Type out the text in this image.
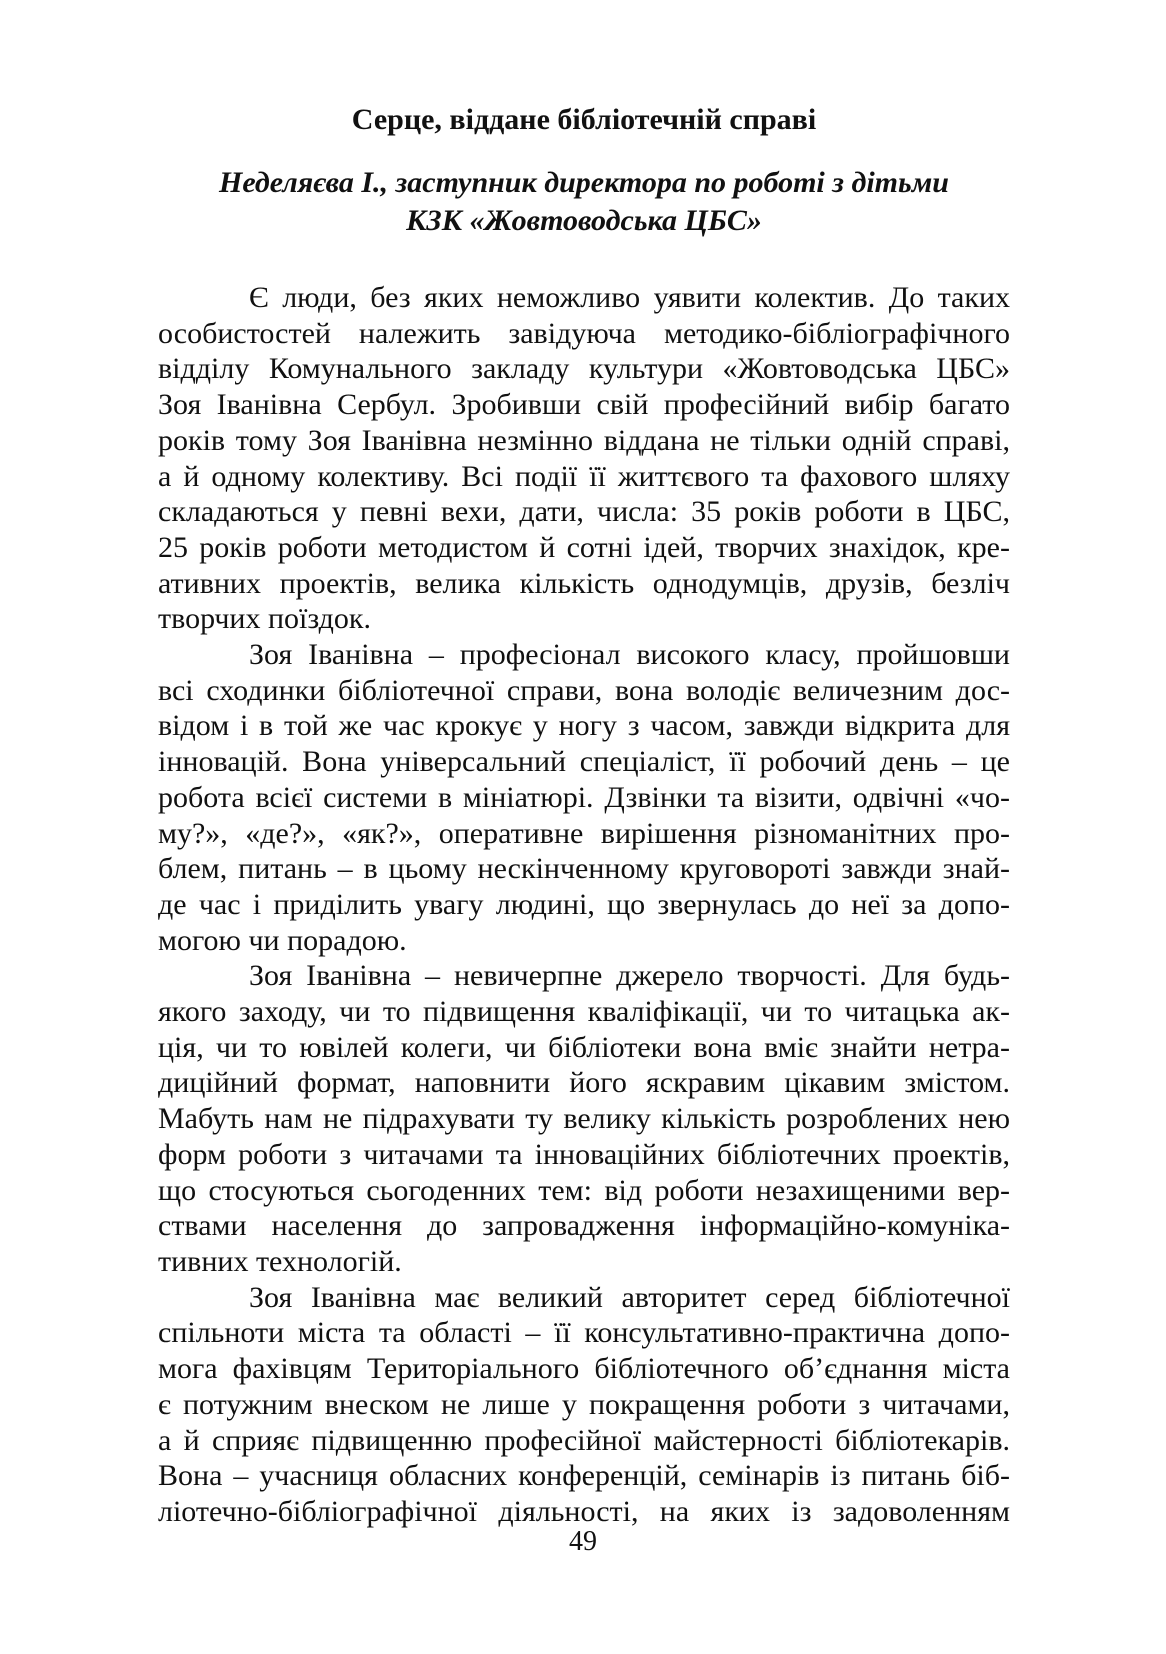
Серце, віддане бібліотечній справі
Неделяєва І., заступник директора по роботі з дітьми
КЗК «Жовтоводська ЦБС»

Є люди, без яких неможливо уявити колектив. До таких
особистостей належить завідуюча методико-бібліографічного
відділу Комунального закладу культури «Жовтоводська ЦБС»
Зоя Іванівна Сербул. Зробивши свій професійний вибір багато
років тому Зоя Іванівна незмінно віддана не тільки одній справі,
а й одному колективу. Всі події її життєвого та фахового шляху
складаються у певні вехи, дати, числа: 35 років роботи в ЦБС,
25 років роботи методистом й сотні ідей, творчих знахідок, кре-
ативних проектів, велика кількість однодумців, друзів, безліч
творчих поїздок.

Зоя Іванівна – професіонал високого класу, пройшовши
всі сходинки бібліотечної справи, вона володіє величезним дос-
відом і в той же час крокує у ногу з часом, завжди відкрита для
інновацій. Вона універсальний спеціаліст, її робочий день – це
робота всієї системи в мініатюрі. Дзвінки та візити, одвічні «чо-
му?», «де?», «як?», оперативне вирішення різноманітних про-
блем, питань – в цьому нескінченному круговороті завжди знай-
де час і приділить увагу людині, що звернулась до неї за допо-
могою чи порадою.

Зоя Іванівна – невичерпне джерело творчості. Для будь-
якого заходу, чи то підвищення кваліфікації, чи то читацька ак-
ція, чи то ювілей колеги, чи бібліотеки вона вміє знайти нетра-
диційний формат, наповнити його яскравим цікавим змістом.
Мабуть нам не підрахувати ту велику кількість розроблених нею
форм роботи з читачами та інноваційних бібліотечних проектів,
що стосуються сьогоденних тем: від роботи незахищеними вер-
ствами населення до запровадження інформаційно-комуніка-
тивних технологій.

Зоя Іванівна має великий авторитет серед бібліотечної
спільноти міста та області – її консультативно-практична допо-
мога фахівцям Територіального бібліотечного об’єднання міста
є потужним внеском не лише у покращення роботи з читачами,
а й сприяє підвищенню професійної майстерності бібліотекарів.
Вона – учасниця обласних конференцій, семінарів із питань біб-
ліотечно-бібліографічної діяльності, на яких із задоволенням

49
